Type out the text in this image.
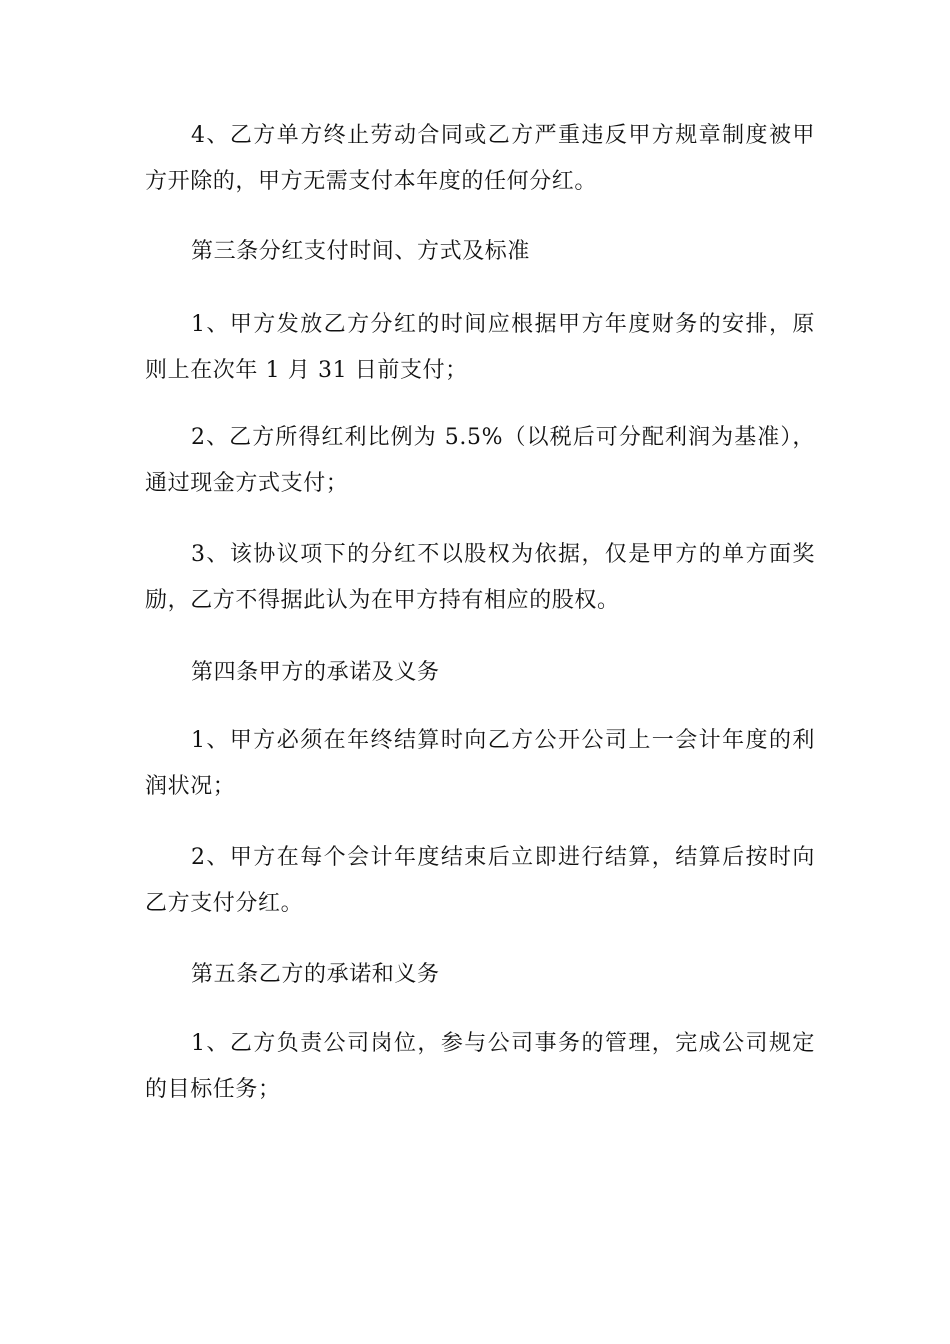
4、乙方单方终止劳动合同或乙方严重违反甲方规章制度被甲方开除的，甲方无需支付本年度的任何分红。

第三条分红支付时间、方式及标准

1、甲方发放乙方分红的时间应根据甲方年度财务的安排，原则上在次年 1 月 31 日前支付；

2、乙方所得红利比例为 5.5%（以税后可分配利润为基准），通过现金方式支付；

3、该协议项下的分红不以股权为依据，仅是甲方的单方面奖励，乙方不得据此认为在甲方持有相应的股权。

第四条甲方的承诺及义务

1、甲方必须在年终结算时向乙方公开公司上一会计年度的利润状况；

2、甲方在每个会计年度结束后立即进行结算，结算后按时向乙方支付分红。

第五条乙方的承诺和义务

1、乙方负责公司岗位，参与公司事务的管理，完成公司规定的目标任务；
